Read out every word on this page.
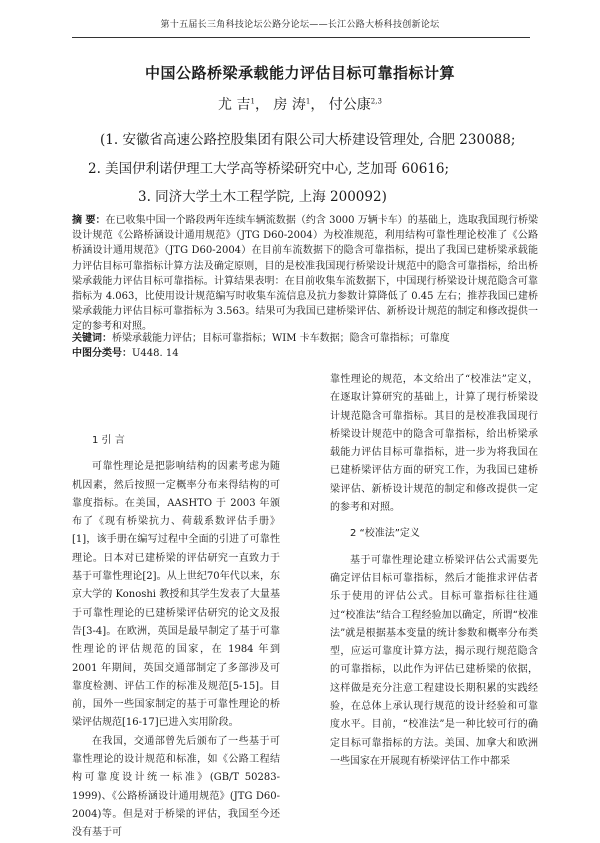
第十五届长三角科技论坛公路分论坛——长江公路大桥科技创新论坛
中国公路桥梁承载能力评估目标可靠指标计算
尤 吉$^1$， 房 涛$^1$， 付公康$^{2,3}$
(1. 安徽省高速公路控股集团有限公司大桥建设管理处, 合肥 230088;
2. 美国伊利诺伊理工大学高等桥梁研究中心, 芝加哥 60616;
3. 同济大学土木工程学院, 上海 200092)
摘 要：在已收集中国一个路段两年连续车辆流数据（约含 3000 万辆卡车）的基础上，选取我国现行桥梁设计规范《公路桥涵设计通用规范》（JTG D60-2004）为校准规范，利用结构可靠性理论校准了《公路桥涵设计通用规范》（JTG D60-2004）在目前车流数据下的隐含可靠指标，提出了我国已建桥梁承载能力评估目标可靠指标计算方法及确定原则，目的是校准我国现行桥梁设计规范中的隐含可靠指标，给出桥梁承载能力评估目标可靠指标。计算结果表明：在目前收集车流数据下，中国现行桥梁设计规范隐含可靠指标为 4.063，比使用设计规范编写时收集车流信息及抗力参数计算降低了 0.45 左右；推荐我国已建桥梁承载能力评估目标可靠指标为 3.563。结果可为我国已建桥梁评估、新桥设计规范的制定和修改提供一定的参考和对照。
关键词：桥梁承载能力评估；目标可靠指标；WIM 卡车数据；隐含可靠指标；可靠度
中图分类号：U448. 14

1 引 言

可靠性理论是把影响结构的因素考虑为随机因素，然后按照一定概率分布来得结构的可靠度指标。在美国，AASHTO 于 2003 年颁布了《现有桥梁抗力、荷载系数评估手册》[1]，该手册在编写过程中全面的引进了可靠性理论。日本对已建桥梁的评估研究一直致力于基于可靠性理论[2]。从上世纪70年代以来，东京大学的 Konoshi 教授和其学生发表了大量基于可靠性理论的已建桥梁评估研究的论文及报告[3-4]。在欧洲，英国是最早制定了基于可靠性理论的评估规范的国家，在 1984 年到 2001 年期间，英国交通部制定了多部涉及可靠度检测、评估工作的标准及规范[5-15]。目前，国外一些国家制定的基于可靠性理论的桥梁评估规范[16-17]已进入实用阶段。

在我国，交通部曾先后颁布了一些基于可靠性理论的设计规范和标准，如《公路工程结构可靠度设计统一标准》(GB/T 50283-1999)、《公路桥涵设计通用规范》(JTG D60-2004)等。但是对于桥梁的评估，我国至今还没有基于可

靠性理论的规范，本文给出了“校准法”定义，在逐取计算研究的基础上，计算了现行桥梁设计规范隐含可靠指标。其目的是校准我国现行桥梁设计规范中的隐含可靠指标，给出桥梁承载能力评估目标可靠指标，进一步为将我国在已建桥梁评估方面的研究工作，为我国已建桥梁评估、新桥设计规范的制定和修改提供一定的参考和对照。

2 “校准法”定义

基于可靠性理论建立桥梁评估公式需要先确定评估目标可靠指标，然后才能推求评估者乐于使用的评估公式。目标可靠指标往往通过“校准法”结合工程经验加以确定，所谓“校准法”就是根据基本变量的统计参数和概率分布类型，应运可靠度计算方法，揭示现行规范隐含的可靠指标，以此作为评估已建桥梁的依据，这样做是充分注意工程建设长期积累的实践经验，在总体上承认现行规范的设计经验和可靠度水平。目前，“校准法”是一种比较可行的确定目标可靠指标的方法。美国、加拿大和欧洲一些国家在开展现有桥梁评估工作中都采
